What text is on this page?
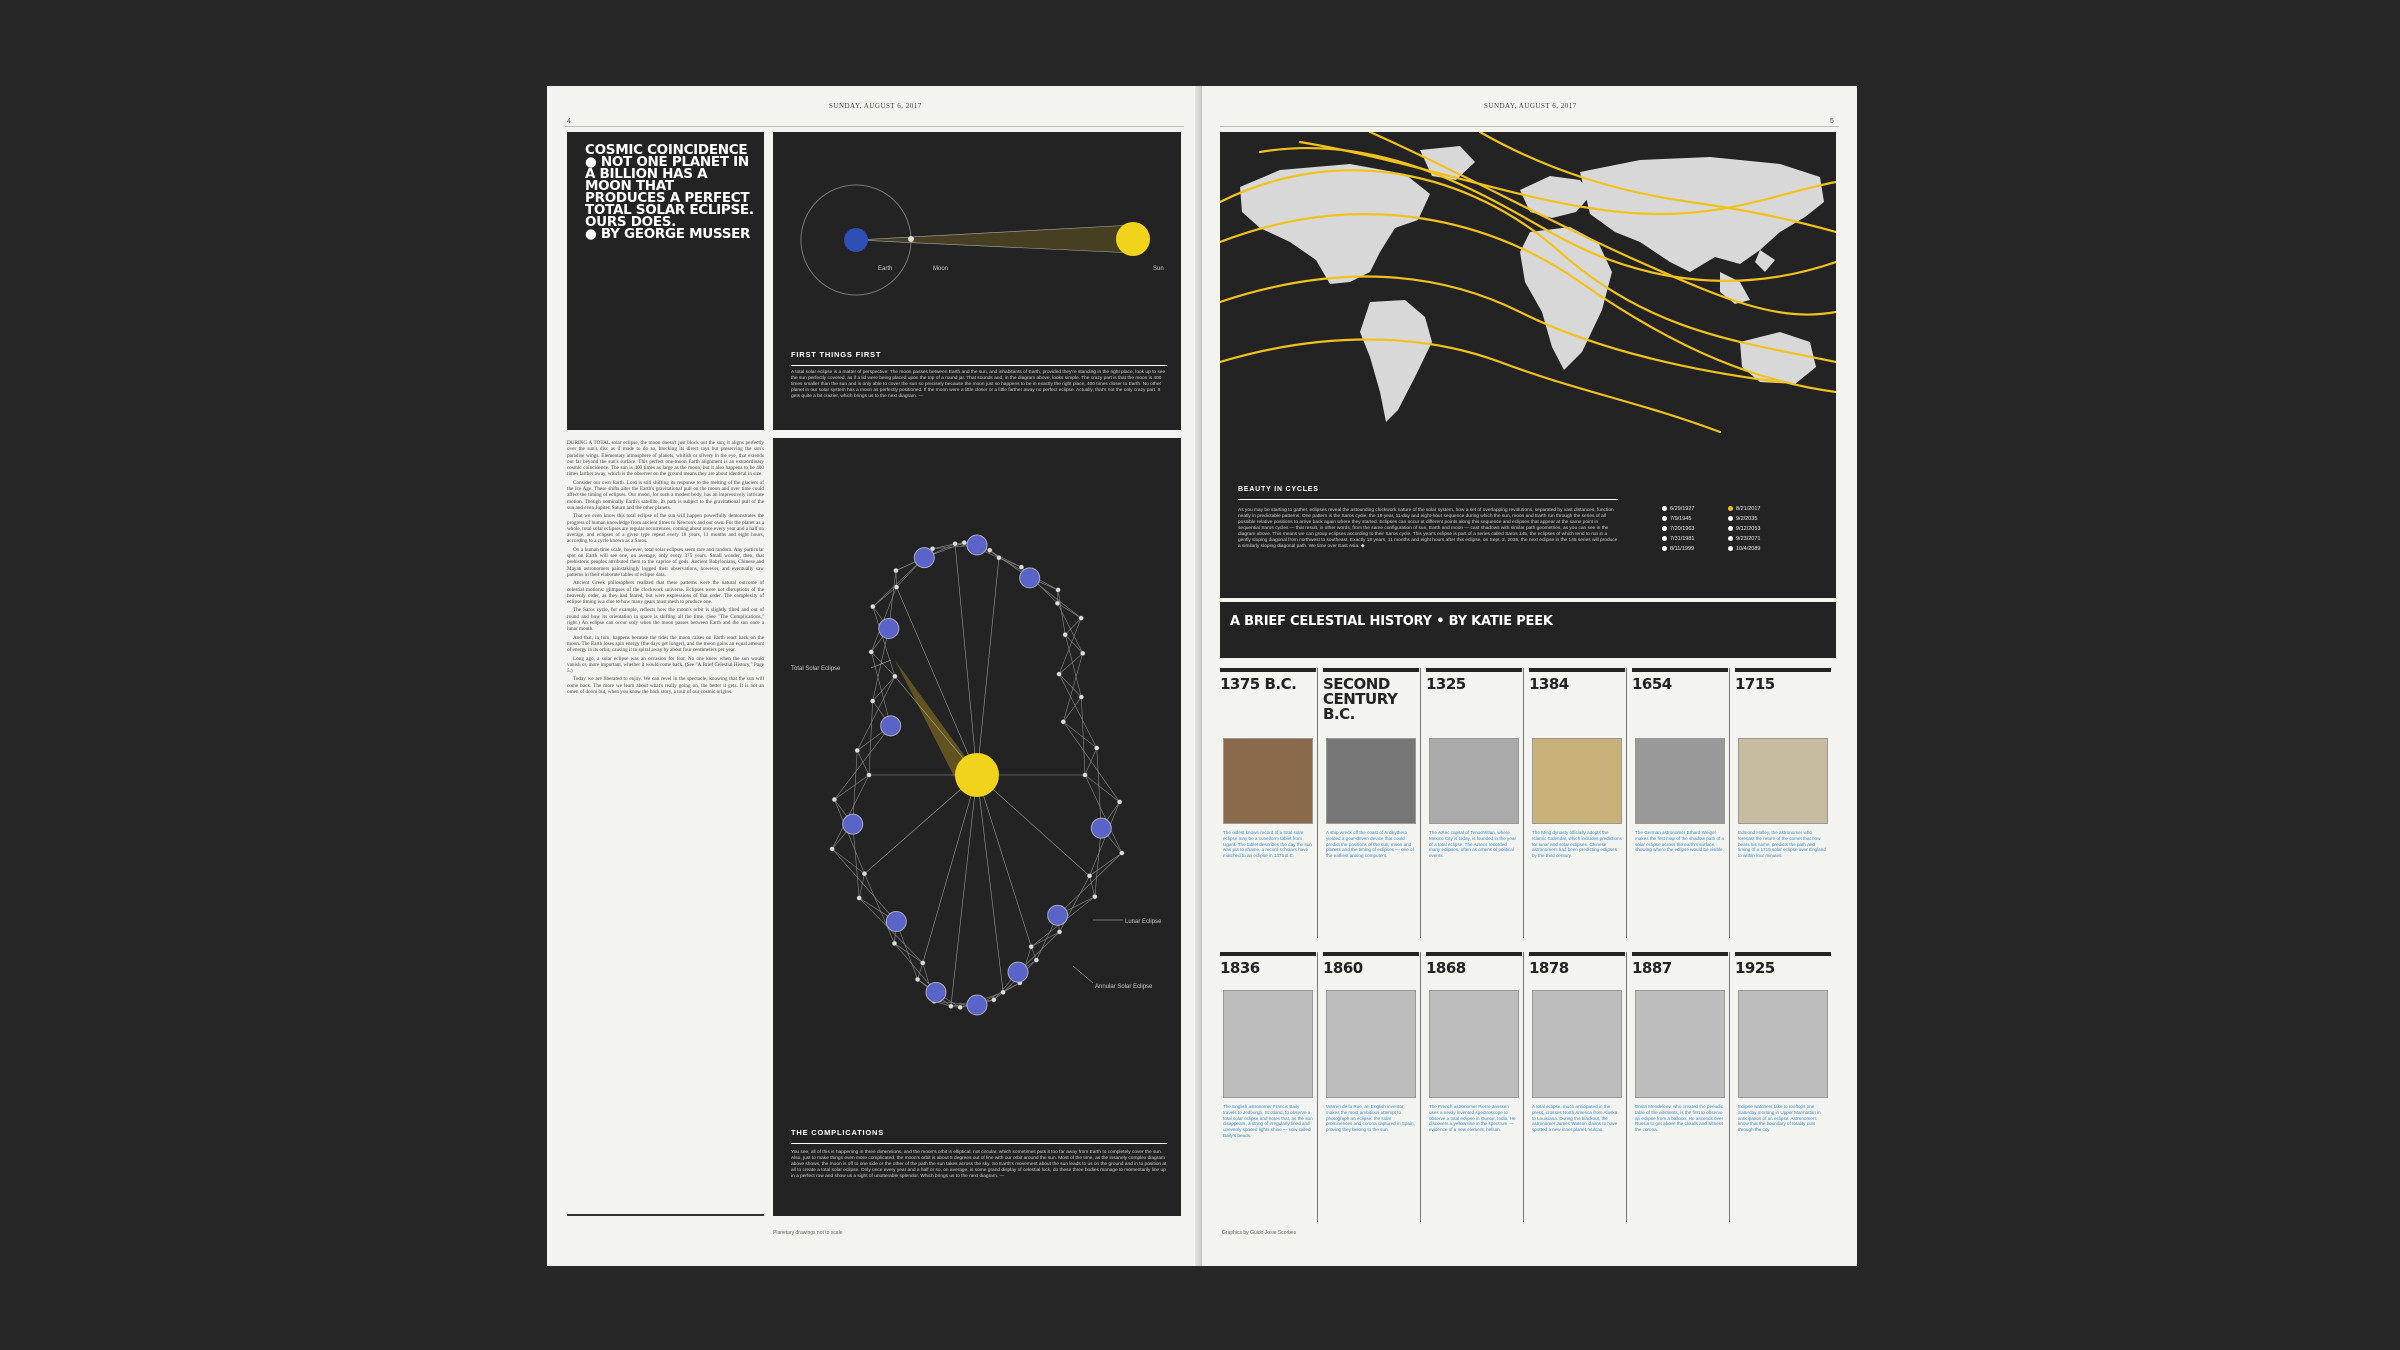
SUNDAY, AUGUST 6, 2017
4
COSMIC COINCIDENCE
● NOT ONE PLANET IN A BILLION HAS A MOON THAT PRODUCES A PERFECT TOTAL SOLAR ECLIPSE. OURS DOES.
● BY GEORGE MUSSER

DURING A TOTAL solar eclipse, the moon doesn't just block out the sun; it aligns perfectly over the sun's disc as if made to do so, blocking its direct rays but preserving the sun's paradise wings. Elementary atmosphere of planets, whitish or silvery in the eye, that extends out far beyond the sun's surface. This perfect one-moon Earth alignment is an extraordinary cosmic coincidence. The sun is 400 times as large as the moon, but it also happens to be 400 times farther away, which is the observer on the ground means they are about identical in size.

Consider our own Earth. Lord is still shifting its response to the melting of the glaciers of the Ice Age. These shifts alter the Earth's gravitational pull on the moon and over time could affect the timing of eclipses. Our moon, for such a modest body, has an impressively intricate motion. Though nominally Earth's satellite, its path is subject to the gravitational pull of the sun and even Jupiter. Saturn and the other planets.

That we even know this total eclipse of the sun will happen powerfully demonstrates the progress of human knowledge from ancient times to Newton's and our own. For the planet as a whole, total solar eclipses are regular occurrences, coming about once every year and a half on average, and eclipses of a given type repeat every 18 years, 11 months and eight hours, according to a cycle known as a Saros.

On a human time scale, however, total solar eclipses seem rare and random. Any particular spot on Earth will see one, on average, only every 375 years. Small wonder, then, that prehistoric peoples attributed them to the caprice of gods. Ancient Babylonians, Chinese and Mayan astronomers painstakingly logged their observations, however, and eventually saw patterns in their elaborate tables of eclipse data.

Ancient Greek philosophers realized that these patterns were the natural outcome of celestial motions: glimpses of the clockwork universe. Eclipses were not disruptions of the heavenly order, as they had feared, but were expressions of that order. The complexity of eclipse timing is a clue to how many gears must mesh to produce one.

The Saros cycle, for example, reflects how the moon's orbit is slightly tilted and out of round and how its orientation in space is shifting all the time. (See "The Complications," right.) An eclipse can occur only when the moon passes between Earth and the sun once a lunar month.

And that, in turn, happens because the tides the moon raises on Earth react back on the moon. The Earth loses spin energy (the days get longer), and the moon gains an equal amount of energy in its orbit, causing it to spiral away by about four centimeters per year.

Long ago, a solar eclipse was an occasion for fear. No one knew when the sun would vanish or, more important, whether it would come back. (See "A Brief Celestial History," Page 5.)

Today we are liberated to enjoy. We can revel in the spectacle, knowing that the sun will come back. The more we learn about what's really going on, the better it gets. It is not an omen of doom but, when you know the back story, a tour of our cosmic origins.

Earth	Moon	Sun
FIRST THINGS FIRST
A total solar eclipse is a matter of perspective: The moon passes between Earth and the sun, and inhabitants of Earth, provided they're standing in the right place, look up to see the sun perfectly covered, as if a lid were being placed upon the top of a round jar. That sounds and, in the diagram above, looks simple. The crazy part is that the moon is 400 times smaller than the sun and is only able to cover the sun so precisely because the moon just so happens to be in exactly the right place, 400 times closer to Earth. No other planet in our solar system has a moon as perfectly positioned. If the moon were a little closer or a little farther away no perfect eclipse. Actually, that's not the only crazy part. It gets quite a bit crazier, which brings us to the next diagram. —
Total Solar Eclipse
Lunar Eclipse
Annular Solar Eclipse
THE COMPLICATIONS
You see, all of this is happening in three dimensions, and the moon's orbit is elliptical, not circular, which sometimes puts it too far away from Earth to completely cover the sun. Also, just to make things even more complicated, the moon's orbit is about 5 degrees out of line with our orbit around the sun. Most of the time, as the insanely complex diagram above shows, the moon is off to one side or the other of the path the sun takes across the sky. So Earth's movement about the sun leads to us on the ground and in to position at all to create a total solar eclipse. Only once every year and a half or so, on average, is some grand display of celestial luck, do these three bodies manage to momentarily line up in a perfect row and show us a sight of unutterable splendor. Which brings us to the next diagram. —
Planetary drawings not to scale
SUNDAY, AUGUST 6, 2017
5
BEAUTY IN CYCLES
As you may be starting to gather, eclipses reveal the astounding clockwork nature of the solar system, how a set of overlapping revolutions, separated by vast distances, function neatly in predictable patterns. One pattern is the Saros cycle, the 18-year, 11-day and eight-hour sequence during which the sun, moon and Earth run through the series of all possible relative positions to arrive back again where they started. Eclipses can occur at different points along this sequence and eclipses that appear at the same point in sequential Saros cycles — that result, in other words, from the same configuration of sun, Earth and moon — cast shadows with similar path geometries, as you can see in the diagram above. This means we can group eclipses according to their Saros cycle. This year's eclipse is part of a series called Saros 145, the eclipses of which tend to run in a gently sloping diagonal from northwest to southeast. Exactly 18 years, 11 months and eight hours after this eclipse, on Sept. 2, 2035, the next eclipse in the 145 series will produce a similarly sloping diagonal path. We time over East Asia. ◆
6/29/1927
7/9/1945
7/20/1963
7/31/1981
8/11/1999
8/21/2017
9/2/2035
9/12/2053
9/23/2071
10/4/2089
A BRIEF CELESTIAL HISTORY • BY KATIE PEEK
1375 B.C.
The oldest known record of a total solar eclipse may be a cuneiform tablet from Ugarit. The tablet describes the day the sun was put to shame, a record scholars have matched to an eclipse in 1375 B.C.
SECOND CENTURY B.C.
A ship wreck off the coast of Antikythera yielded a gear-driven device that could predict the positions of the sun, moon and planets and the timing of eclipses — one of the earliest analog computers.
1325
The Aztec capital of Tenochtitlan, where Mexico City is today, is founded in the year of a total eclipse. The Aztecs recorded many eclipses, often as omens of political events.
1384
The Ming dynasty officially adopts the Islamic Calendar, which includes predictions for lunar and solar eclipses. Chinese astronomers had been predicting eclipses by the third century.
1654
The German astronomer Erhard Weigel makes the first map of the shadow path of a solar eclipse across the earth's surface, showing where the eclipse would be visible.
1715
Edmond Halley, the astronomer who forecast the return of the comet that now bears his name, predicts the path and timing of a 1715 solar eclipse over England to within four minutes.
1836
The English astronomer Francis Baily travels to Jedburgh, Scotland, to observe a total solar eclipse and notes that, as the sun disappears, a string of irregularly lined and unevenly spaced lights shine — now called Baily's beads.
1860
Warren de la Rue, an English inventor, makes the most ambitious attempt to photograph an eclipse: the solar prominences and corona captured in Spain, proving they belong to the sun.
1868
The French astronomer Pierre Janssen uses a newly invented spectroscope to observe a total eclipse in Guntur, India. He discovers a yellow line in the spectrum — evidence of a new element, helium.
1878
A total eclipse, much anticipated in the press, crosses North America from Alaska to Louisiana. During the blackout, the astronomer James Watson claims to have spotted a new inner planet, Vulcan.
1887
Dmitri Mendeleev, who created the periodic table of the elements, is the first to observe an eclipse from a balloon. He ascends over Russia to get above the clouds and witness the corona.
1925
Eclipse watchers take to rooftops one Saturday morning in Upper Manhattan in anticipation of an eclipse. Astronomers know that the boundary of totality cuts through the city.
Graphics by Guido Josie Scorbes
